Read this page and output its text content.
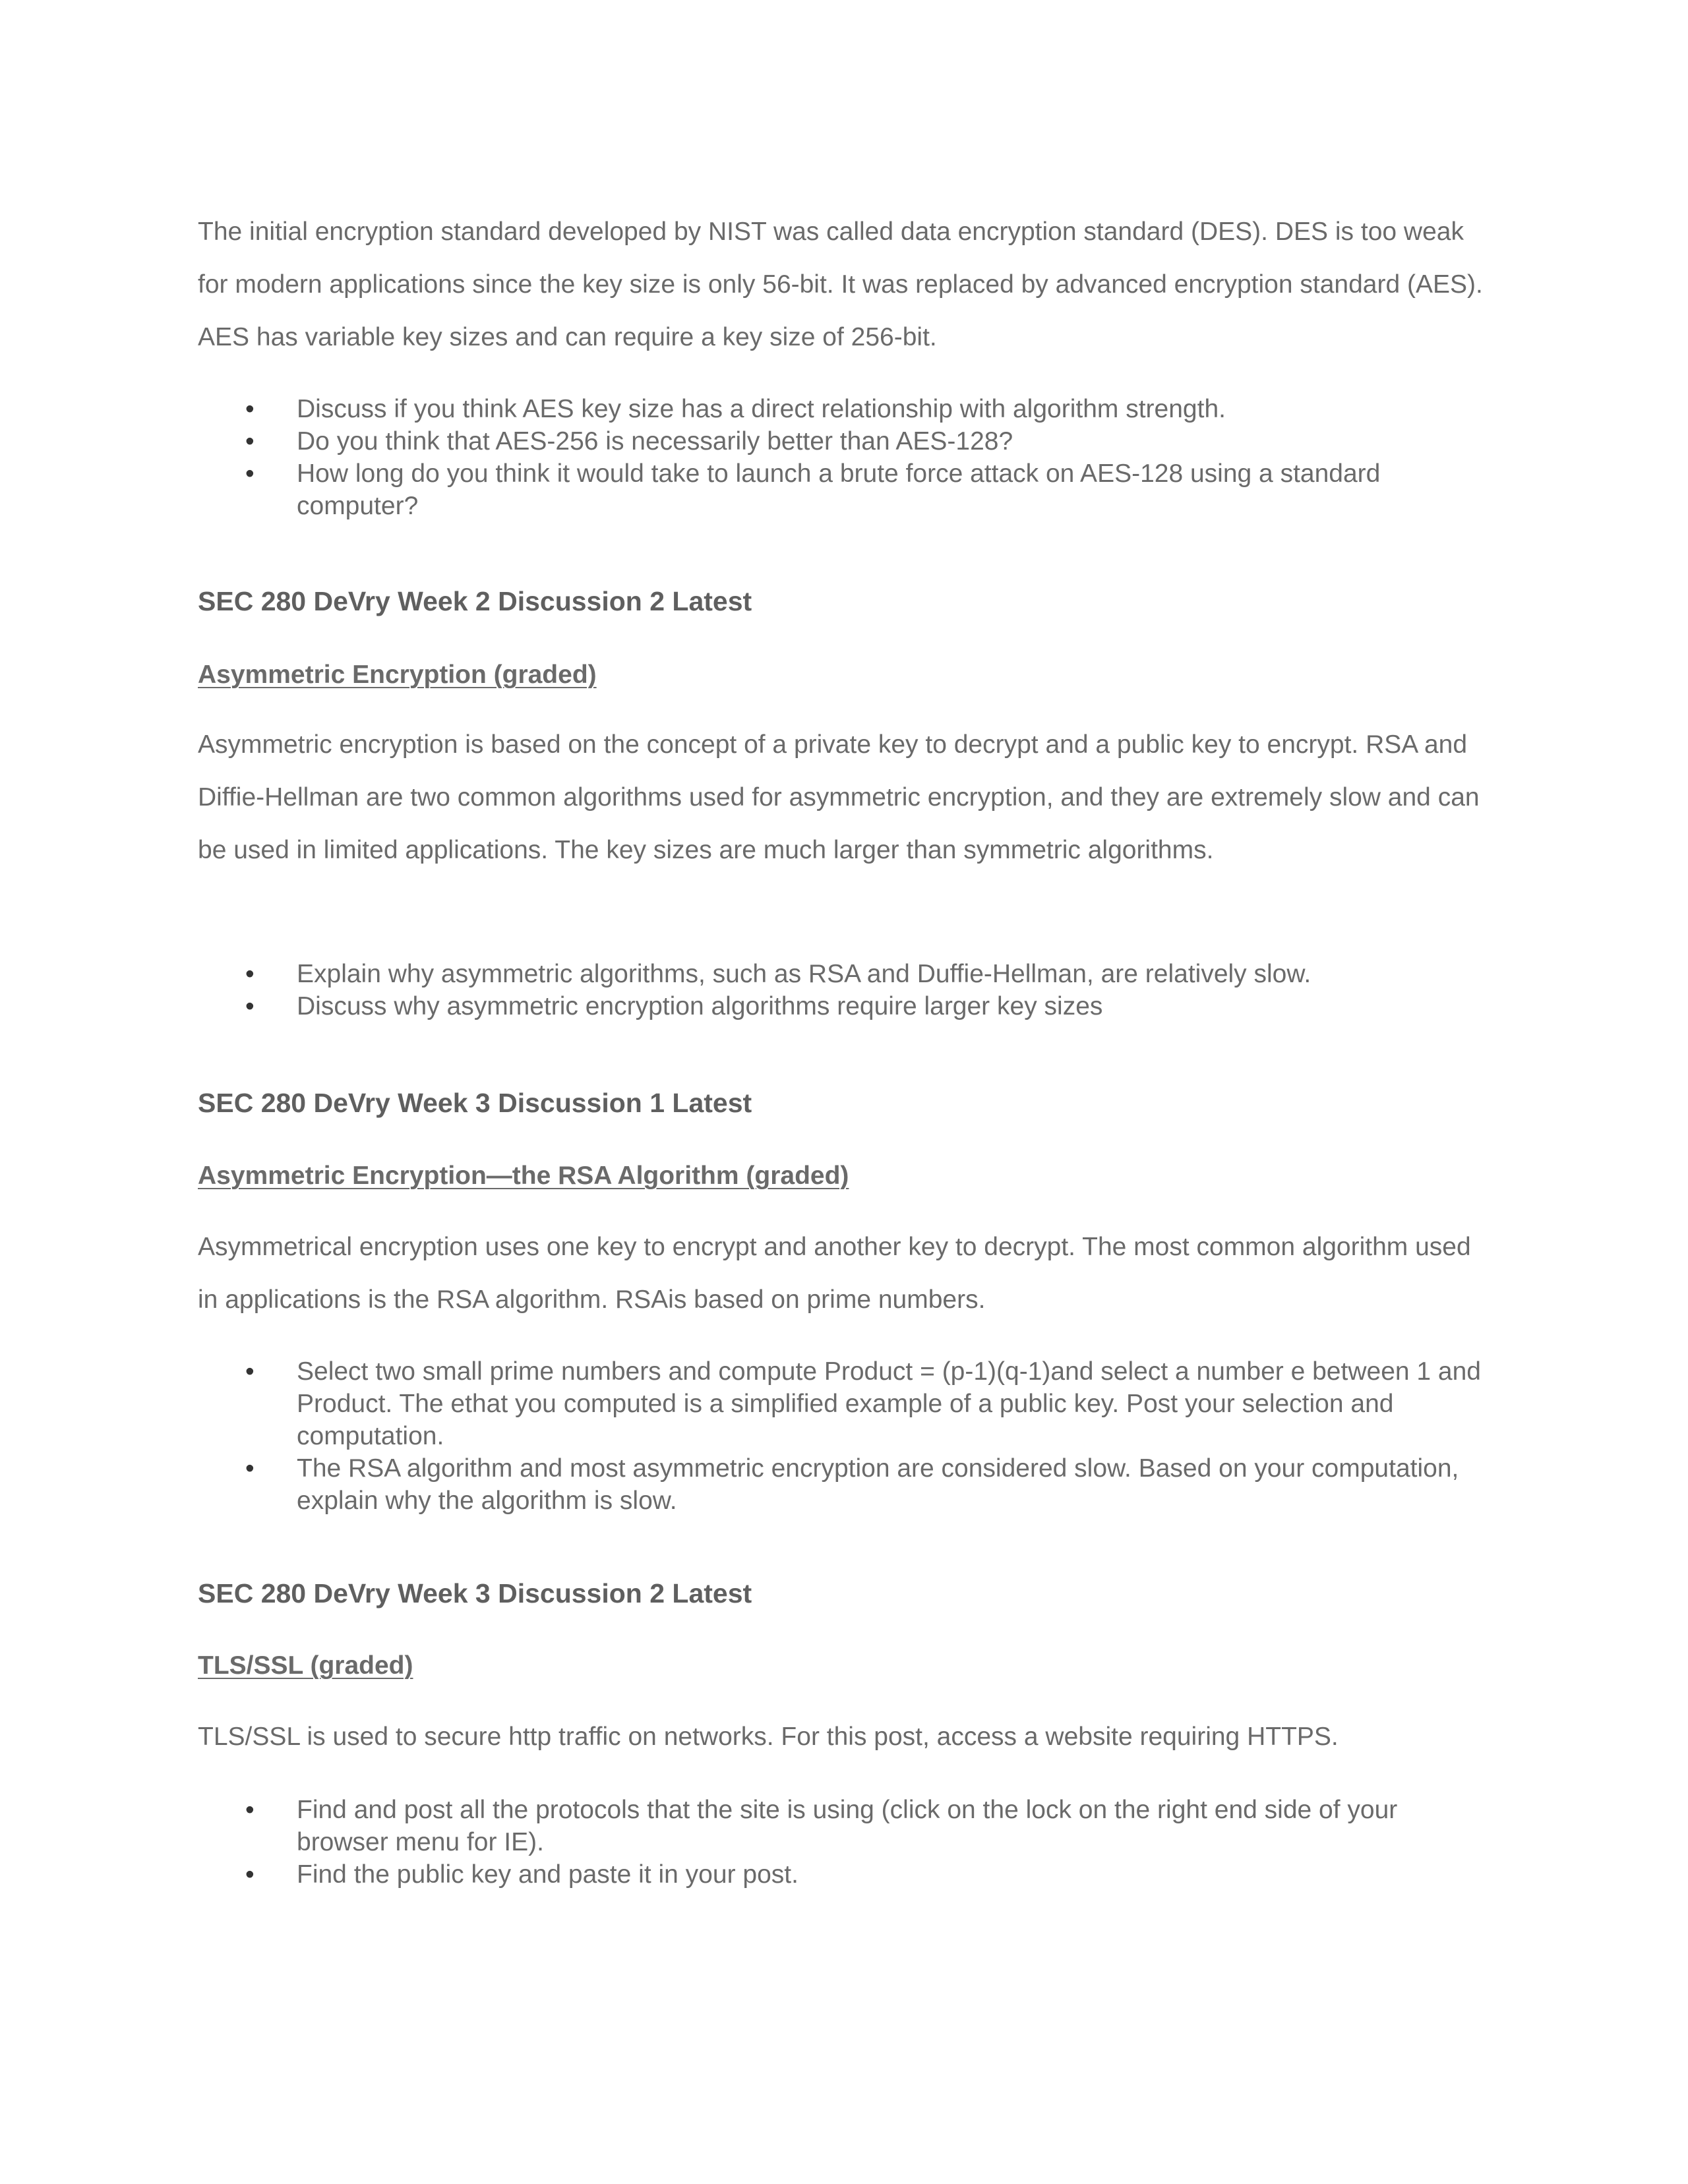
The initial encryption standard developed by NIST was called data encryption standard (DES). DES is too weak for modern applications since the key size is only 56-bit. It was replaced by advanced encryption standard (AES). AES has variable key sizes and can require a key size of 256-bit.

• Discuss if you think AES key size has a direct relationship with algorithm strength.
• Do you think that AES-256 is necessarily better than AES-128?
• How long do you think it would take to launch a brute force attack on AES-128 using a standard computer?
SEC 280 DeVry Week 2 Discussion 2 Latest
Asymmetric Encryption (graded)

Asymmetric encryption is based on the concept of a private key to decrypt and a public key to encrypt. RSA and Diffie-Hellman are two common algorithms used for asymmetric encryption, and they are extremely slow and can be used in limited applications. The key sizes are much larger than symmetric algorithms.

• Explain why asymmetric algorithms, such as RSA and Duffie-Hellman, are relatively slow.
• Discuss why asymmetric encryption algorithms require larger key sizes
SEC 280 DeVry Week 3 Discussion 1 Latest
Asymmetric Encryption—the RSA Algorithm (graded)

Asymmetrical encryption uses one key to encrypt and another key to decrypt. The most common algorithm used in applications is the RSA algorithm. RSAis based on prime numbers.

• Select two small prime numbers and compute Product = (p-1)(q-1)and select a number e between 1 and Product. The ethat you computed is a simplified example of a public key. Post your selection and computation.
• The RSA algorithm and most asymmetric encryption are considered slow. Based on your computation, explain why the algorithm is slow.
SEC 280 DeVry Week 3 Discussion 2 Latest
TLS/SSL (graded)

TLS/SSL is used to secure http traffic on networks. For this post, access a website requiring HTTPS.

• Find and post all the protocols that the site is using (click on the lock on the right end side of your browser menu for IE).
• Find the public key and paste it in your post.
